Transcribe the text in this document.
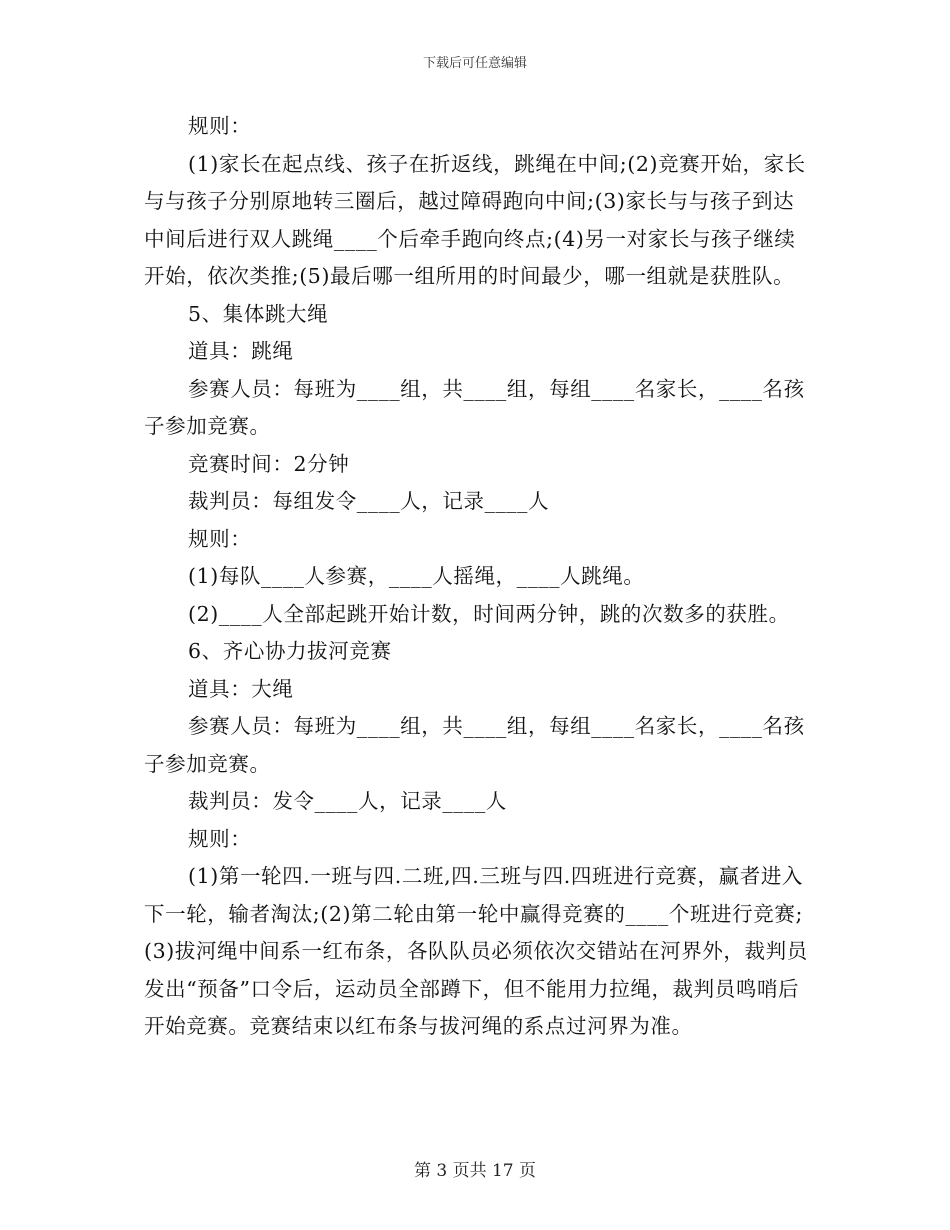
下载后可任意编辑

规则：

(1)家长在起点线、孩子在折返线，跳绳在中间;(2)竞赛开始，家长与与孩子分别原地转三圈后，越过障碍跑向中间;(3)家长与与孩子到达中间后进行双人跳绳____个后牵手跑向终点;(4)另一对家长与孩子继续开始，依次类推;(5)最后哪一组所用的时间最少，哪一组就是获胜队。

5、集体跳大绳

道具：跳绳

参赛人员：每班为____组，共____组，每组____名家长，____名孩子参加竞赛。

竞赛时间：2分钟

裁判员：每组发令____人，记录____人

规则：

(1)每队____人参赛，____人摇绳，____人跳绳。

(2)____人全部起跳开始计数，时间两分钟，跳的次数多的获胜。

6、齐心协力拔河竞赛

道具：大绳

参赛人员：每班为____组，共____组，每组____名家长，____名孩子参加竞赛。

裁判员：发令____人，记录____人

规则：

(1)第一轮四.一班与四.二班,四.三班与四.四班进行竞赛，赢者进入下一轮，输者淘汰;(2)第二轮由第一轮中赢得竞赛的____个班进行竞赛;(3)拔河绳中间系一红布条，各队队员必须依次交错站在河界外，裁判员发出“预备”口令后，运动员全部蹲下，但不能用力拉绳，裁判员鸣哨后开始竞赛。竞赛结束以红布条与拔河绳的系点过河界为准。

第 3 页共 17 页
